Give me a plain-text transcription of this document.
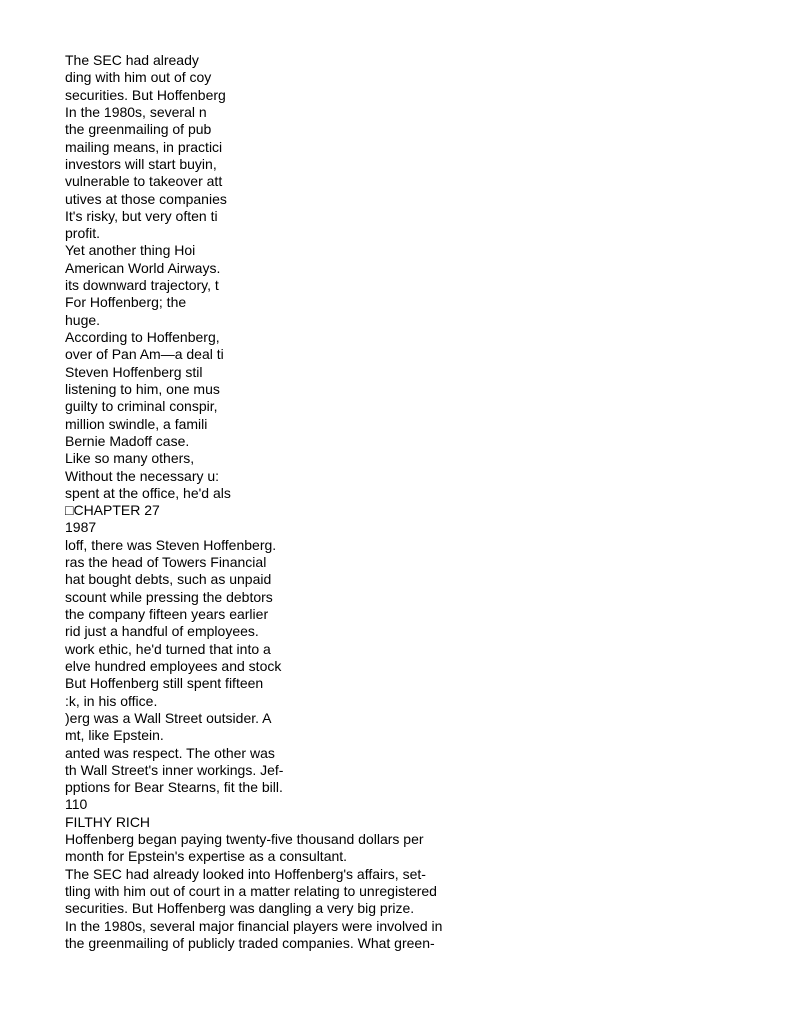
The SEC had already
ding with him out of coy
securities. But Hoffenberg
In the 1980s, several n
the greenmailing of pub
mailing means, in practici
investors will start buyin,
vulnerable to takeover att
utives at those companies
It's risky, but very often ti
profit.
Yet another thing Hoi
American World Airways.
its downward trajectory, t
For Hoffenberg; the
huge.
According to Hoffenberg,
over of Pan Am—a deal ti
Steven Hoffenberg stil
listening to him, one mus
guilty to criminal conspir,
million swindle, a famili
Bernie Madoff case.
Like so many others,
Without the necessary u:
spent at the office, he'd als
□CHAPTER 27
1987
loff, there was Steven Hoffenberg.
ras the head of Towers Financial
hat bought debts, such as unpaid
scount while pressing the debtors
the company fifteen years earlier
rid just a handful of employees.
work ethic, he'd turned that into a
elve hundred employees and stock
But Hoffenberg still spent fifteen
:k, in his office.
)erg was a Wall Street outsider. A
mt, like Epstein.
anted was respect. The other was
th Wall Street's inner workings. Jef-
pptions for Bear Stearns, fit the bill.
110
FILTHY RICH
Hoffenberg began paying twenty-five thousand dollars per
month for Epstein's expertise as a consultant.
The SEC had already looked into Hoffenberg's affairs, set-
tling with him out of court in a matter relating to unregistered
securities. But Hoffenberg was dangling a very big prize.
In the 1980s, several major financial players were involved in
the greenmailing of publicly traded companies. What green-
